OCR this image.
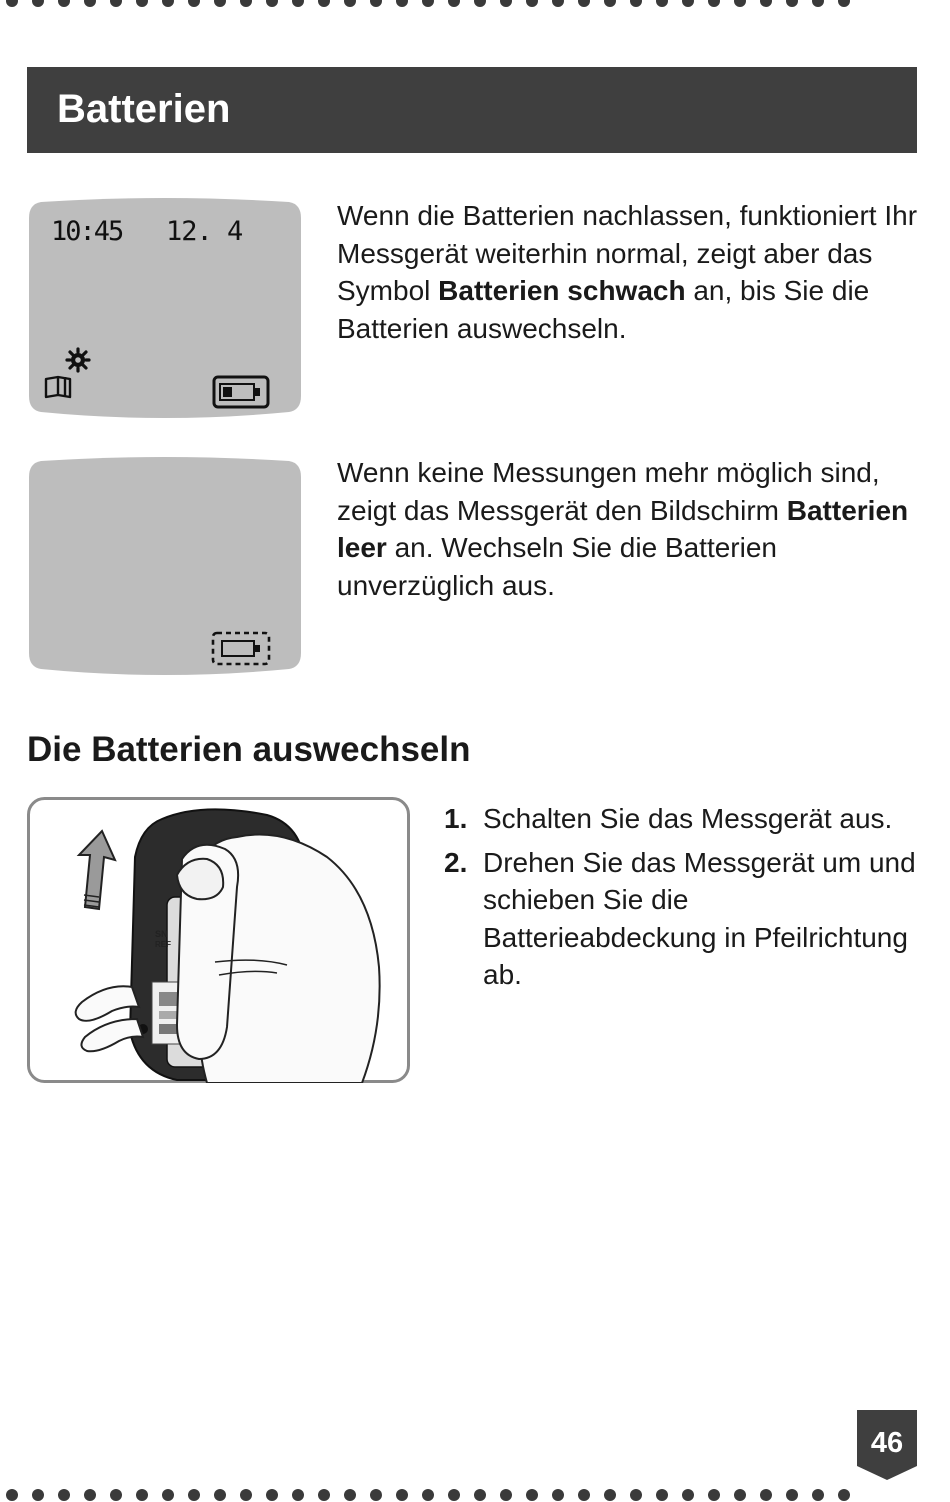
Batterien
10:45 12. 4

Wenn die Batterien nachlassen, funktioniert Ihr Messgerät weiterhin normal, zeigt aber das Symbol Batterien schwach an, bis Sie die Batterien auswechseln.

Wenn keine Messungen mehr möglich sind, zeigt das Messgerät den Bildschirm Batterien leer an. Wechseln Sie die Batterien unverzüglich aus.

Die Batterien auswechseln
SN
REF
1. Schalten Sie das Messgerät aus.
2. Drehen Sie das Messgerät um und schieben Sie die Batterieabdeckung in Pfeilrichtung ab.
46
